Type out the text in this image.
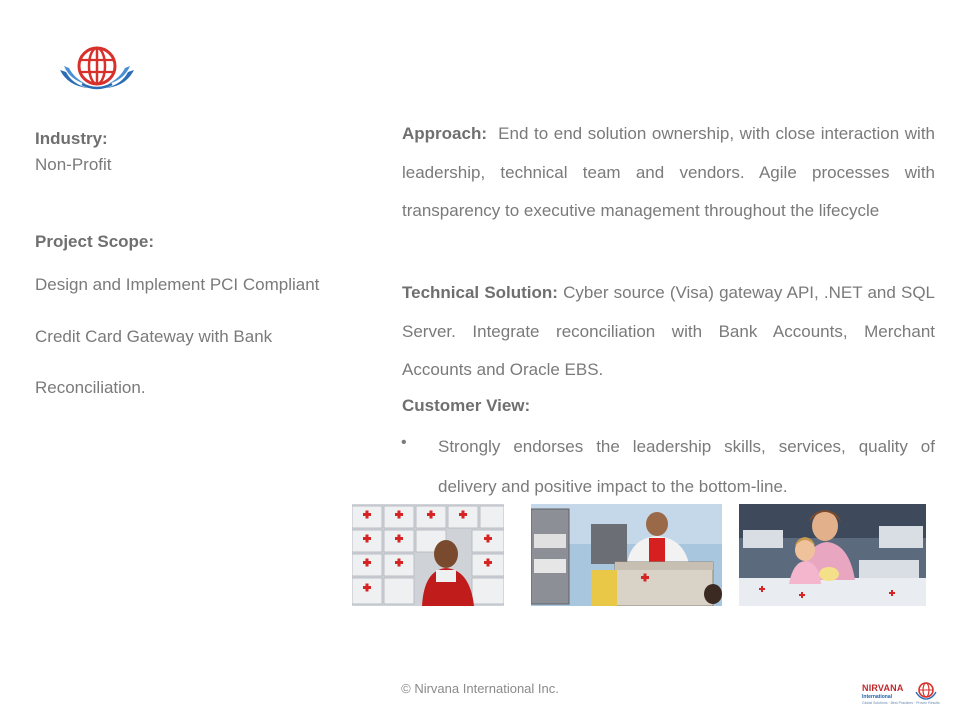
Industry:
Non-Profit
Project Scope:
Design and Implement PCI Compliant
Credit Card Gateway with Bank
Reconciliation.
Approach: End to end solution ownership, with close interaction with leadership, technical team and vendors. Agile processes with transparency to executive management throughout the lifecycle
Technical Solution: Cyber source (Visa) gateway API, .NET and SQL Server. Integrate reconciliation with Bank Accounts, Merchant Accounts and Oracle EBS.
Customer View:
• Strongly endorses the leadership skills, services, quality of delivery and positive impact to the bottom-line.
© Nirvana International Inc.	NIRVANA
International
Global Solutions · Best Practices · Proven Results
